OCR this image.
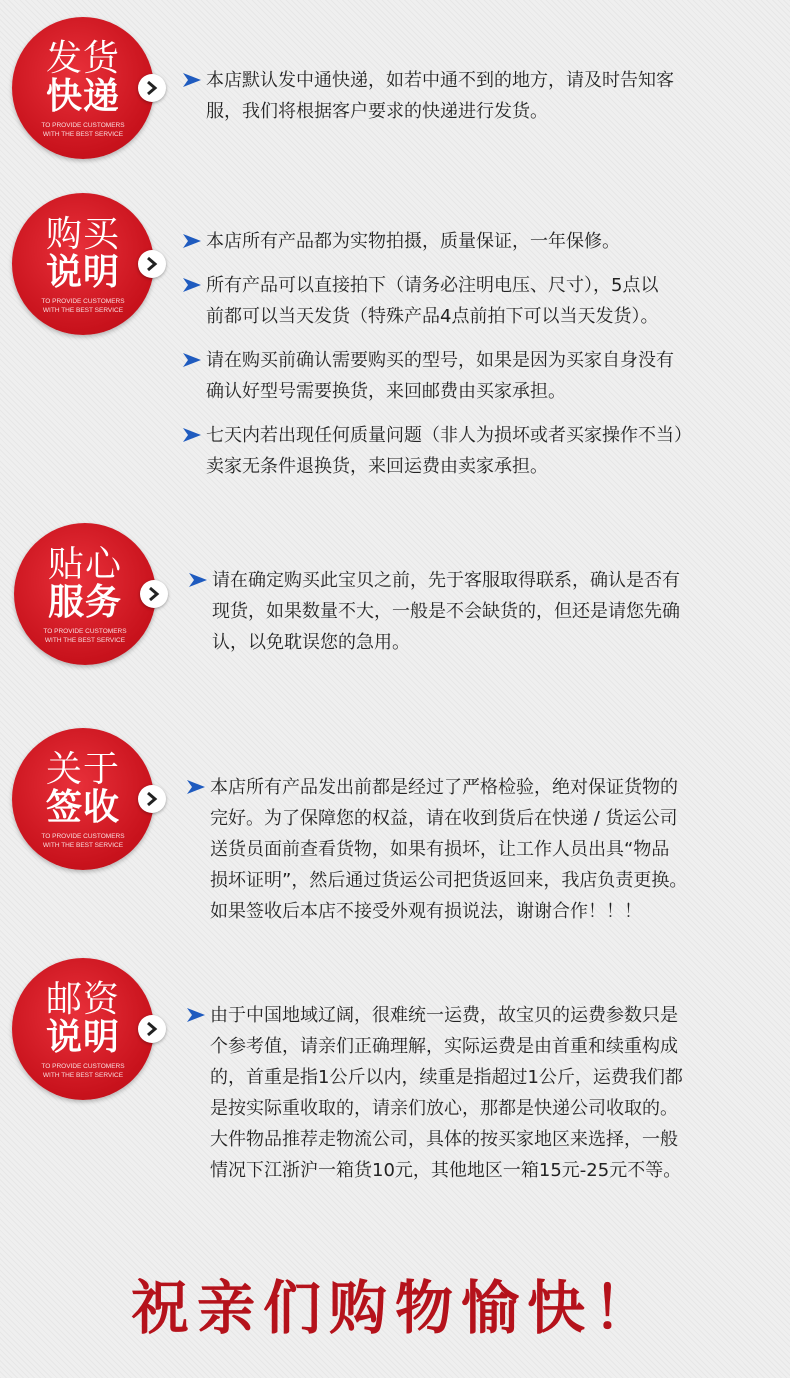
发货
快递
TO PROVIDE CUSTOMERS
WITH THE BEST SERVICE
本店默认发中通快递，如若中通不到的地方，请及时告知客
服，我们将根据客户要求的快递进行发货。
购买
说明
TO PROVIDE CUSTOMERS
WITH THE BEST SERVICE
本店所有产品都为实物拍摄，质量保证，一年保修。
所有产品可以直接拍下（请务必注明电压、尺寸），5点以
前都可以当天发货（特殊产品4点前拍下可以当天发货）。
请在购买前确认需要购买的型号，如果是因为买家自身没有
确认好型号需要换货，来回邮费由买家承担。
七天内若出现任何质量问题（非人为损坏或者买家操作不当）
卖家无条件退换货，来回运费由卖家承担。
贴心
服务
TO PROVIDE CUSTOMERS
WITH THE BEST SERVICE
请在确定购买此宝贝之前，先于客服取得联系，确认是否有
现货，如果数量不大，一般是不会缺货的，但还是请您先确
认，以免耽误您的急用。
关于
签收
TO PROVIDE CUSTOMERS
WITH THE BEST SERVICE
本店所有产品发出前都是经过了严格检验，绝对保证货物的
完好。为了保障您的权益，请在收到货后在快递 / 货运公司
送货员面前查看货物，如果有损坏，让工作人员出具“物品
损坏证明”，然后通过货运公司把货返回来，我店负责更换。
如果签收后本店不接受外观有损说法，谢谢合作！！！
邮资
说明
TO PROVIDE CUSTOMERS
WITH THE BEST SERVICE
由于中国地域辽阔，很难统一运费，故宝贝的运费参数只是
个参考值，请亲们正确理解，实际运费是由首重和续重构成
的，首重是指1公斤以内，续重是指超过1公斤，运费我们都
是按实际重收取的，请亲们放心，那都是快递公司收取的。
大件物品推荐走物流公司，具体的按买家地区来选择，一般
情况下江浙沪一箱货10元，其他地区一箱15元-25元不等。
祝亲们购物愉快！
